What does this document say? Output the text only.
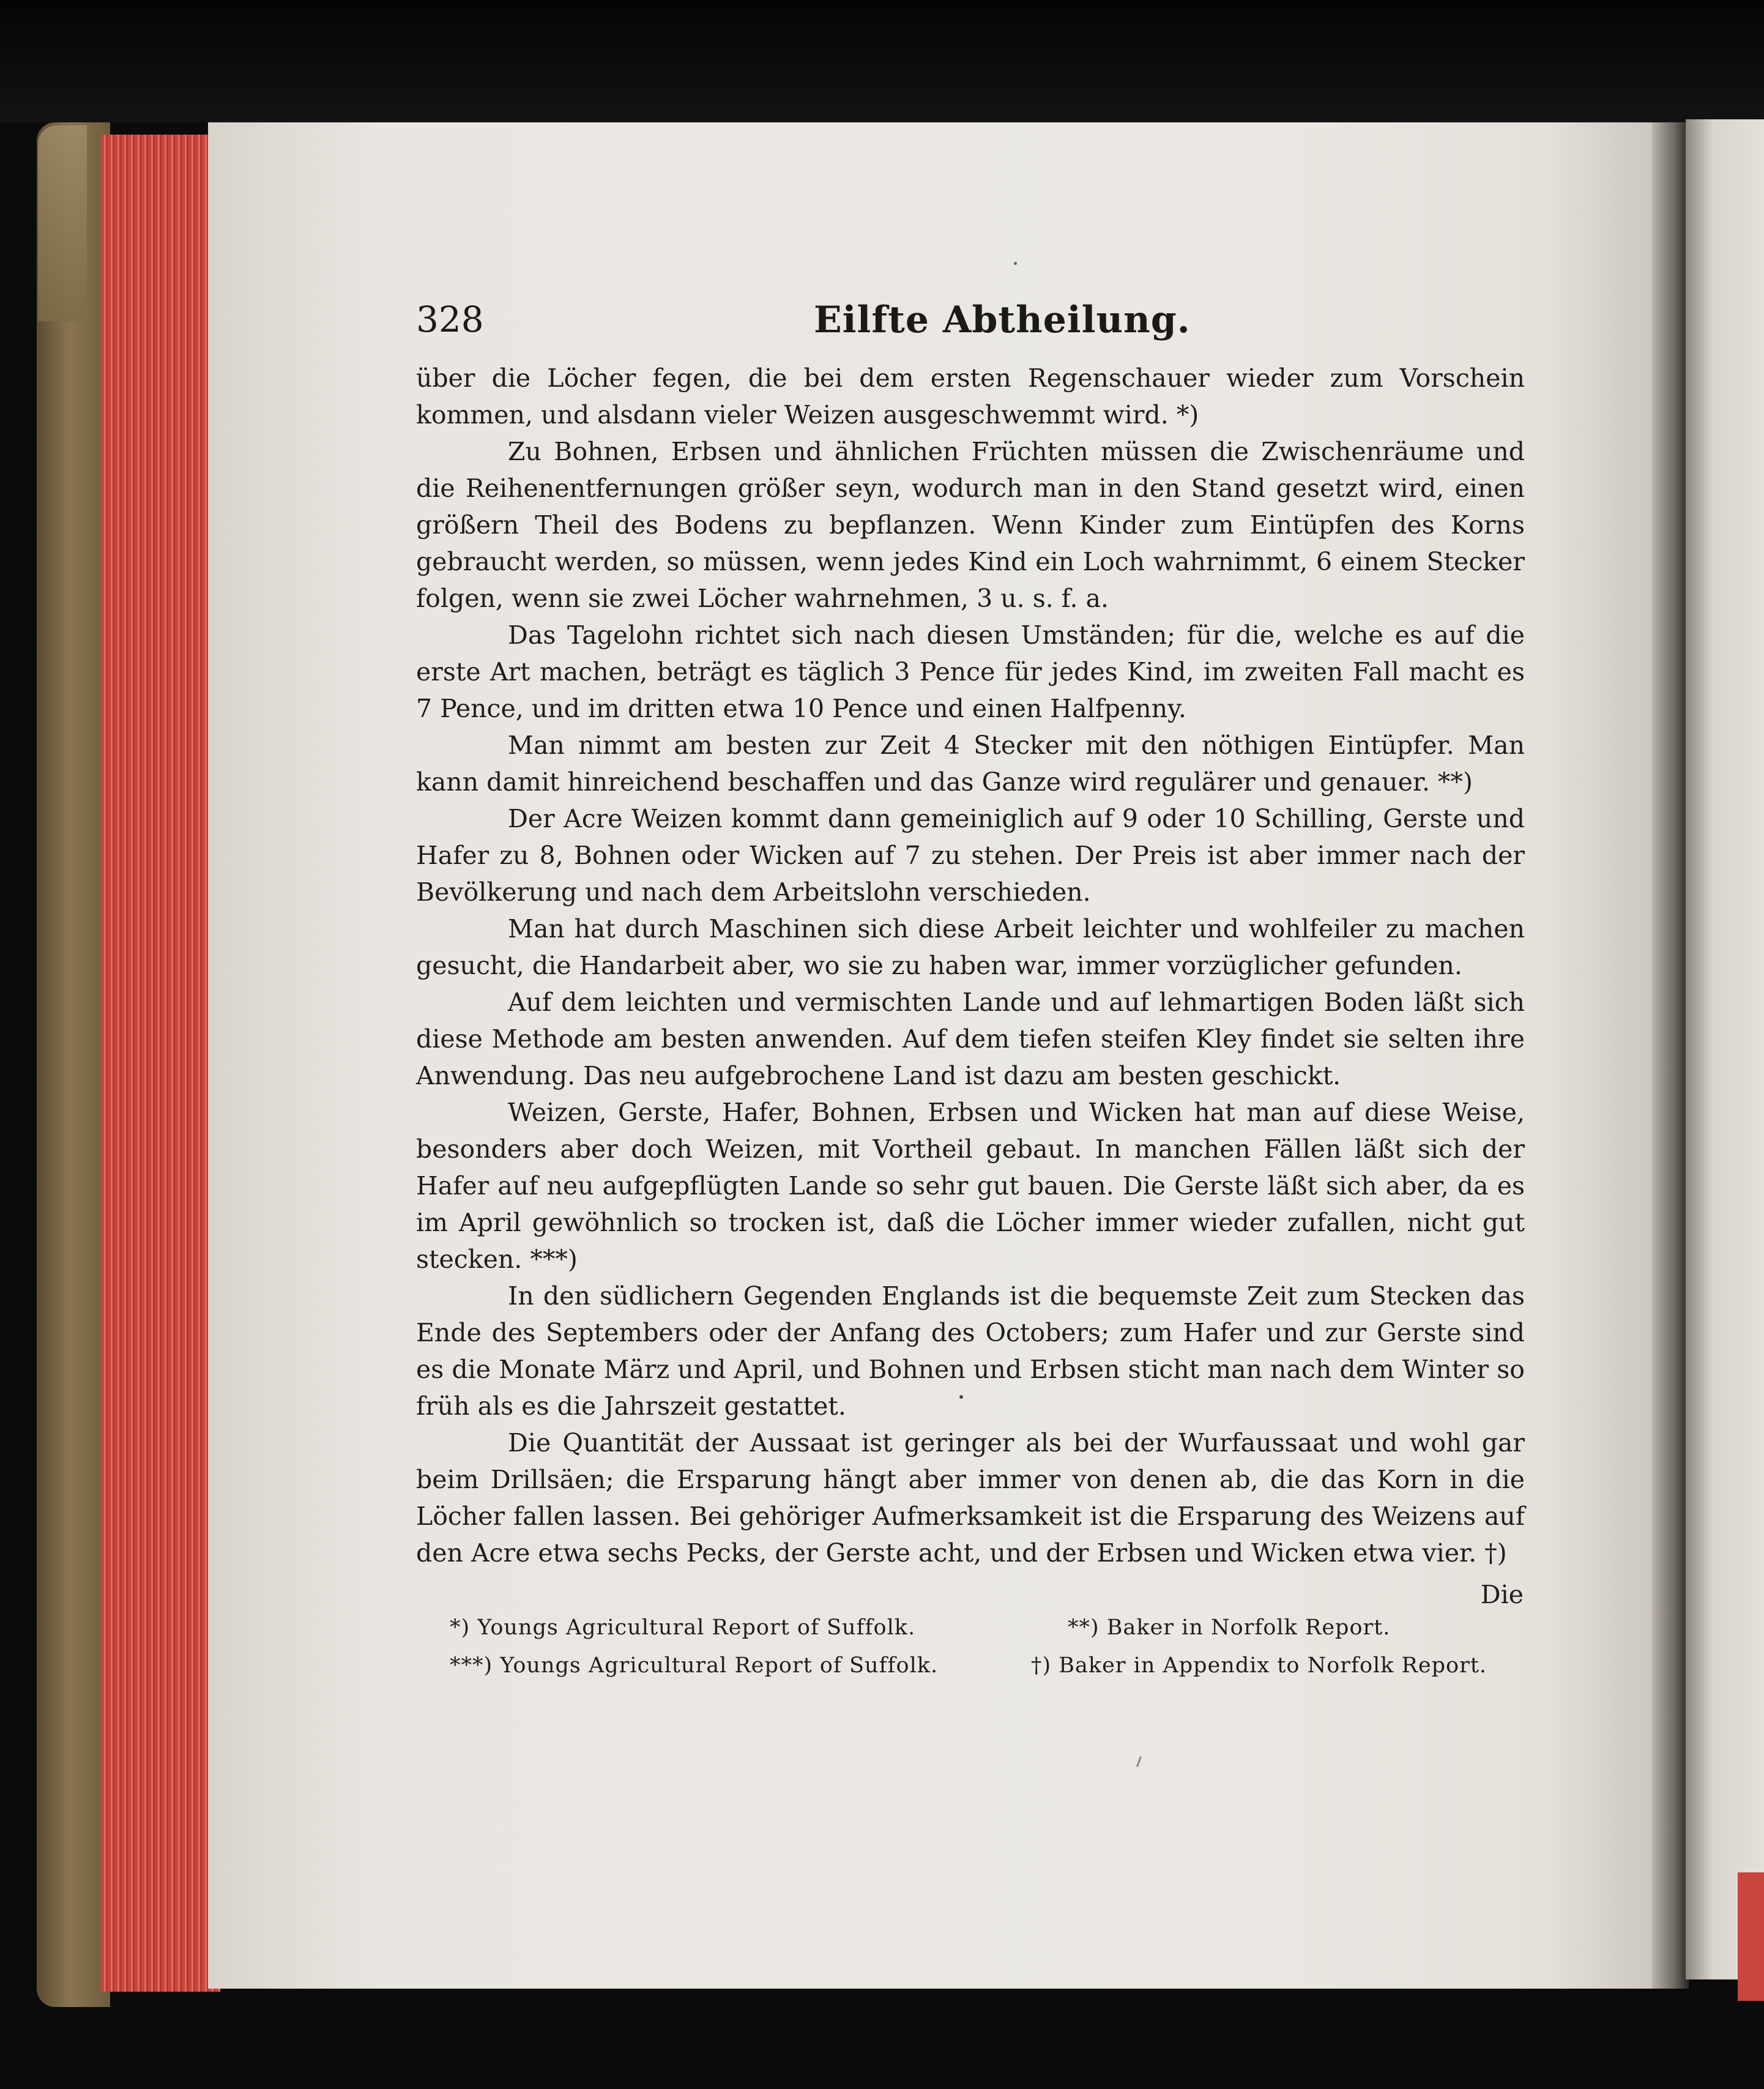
328	Eilfte Abtheilung.

über die Löcher fegen, die bei dem ersten Regenschauer wieder zum Vorschein kommen, und alsdann vieler Weizen ausgeschwemmt wird. *)

Zu Bohnen, Erbsen und ähnlichen Früchten müssen die Zwischenräume und die Reihenentfernungen größer seyn, wodurch man in den Stand gesetzt wird, einen größern Theil des Bodens zu bepflanzen. Wenn Kinder zum Eintüpfen des Korns gebraucht werden, so müssen, wenn jedes Kind ein Loch wahrnimmt, 6 einem Stecker folgen, wenn sie zwei Löcher wahrnehmen, 3 u. s. f. a.

Das Tagelohn richtet sich nach diesen Umständen; für die, welche es auf die erste Art machen, beträgt es täglich 3 Pence für jedes Kind, im zweiten Fall macht es 7 Pence, und im dritten etwa 10 Pence und einen Halfpenny.

Man nimmt am besten zur Zeit 4 Stecker mit den nöthigen Eintüpfer. Man kann damit hinreichend beschaffen und das Ganze wird regulärer und genauer. **)

Der Acre Weizen kommt dann gemeiniglich auf 9 oder 10 Schilling, Gerste und Hafer zu 8, Bohnen oder Wicken auf 7 zu stehen. Der Preis ist aber immer nach der Bevölkerung und nach dem Arbeitslohn verschieden.

Man hat durch Maschinen sich diese Arbeit leichter und wohlfeiler zu machen gesucht, die Handarbeit aber, wo sie zu haben war, immer vorzüglicher gefunden.

Auf dem leichten und vermischten Lande und auf lehmartigen Boden läßt sich diese Methode am besten anwenden. Auf dem tiefen steifen Kley findet sie selten ihre Anwendung. Das neu aufgebrochene Land ist dazu am besten geschickt.

Weizen, Gerste, Hafer, Bohnen, Erbsen und Wicken hat man auf diese Weise, besonders aber doch Weizen, mit Vortheil gebaut. In manchen Fällen läßt sich der Hafer auf neu aufgepflügten Lande so sehr gut bauen. Die Gerste läßt sich aber, da es im April gewöhnlich so trocken ist, daß die Löcher immer wieder zufallen, nicht gut stecken. ***)

In den südlichern Gegenden Englands ist die bequemste Zeit zum Stecken das Ende des Septembers oder der Anfang des Octobers; zum Hafer und zur Gerste sind es die Monate März und April, und Bohnen und Erbsen sticht man nach dem Winter so früh als es die Jahrszeit gestattet.

Die Quantität der Aussaat ist geringer als bei der Wurfaussaat und wohl gar beim Drillsäen; die Ersparung hängt aber immer von denen ab, die das Korn in die Löcher fallen lassen. Bei gehöriger Aufmerksamkeit ist die Ersparung des Weizens auf den Acre etwa sechs Pecks, der Gerste acht, und der Erbsen und Wicken etwa vier. †)

Die
*) Youngs Agricultural Report of Suffolk.	**) Baker in Norfolk Report.
***) Youngs Agricultural Report of Suffolk.	†) Baker in Appendix to Norfolk Report.
